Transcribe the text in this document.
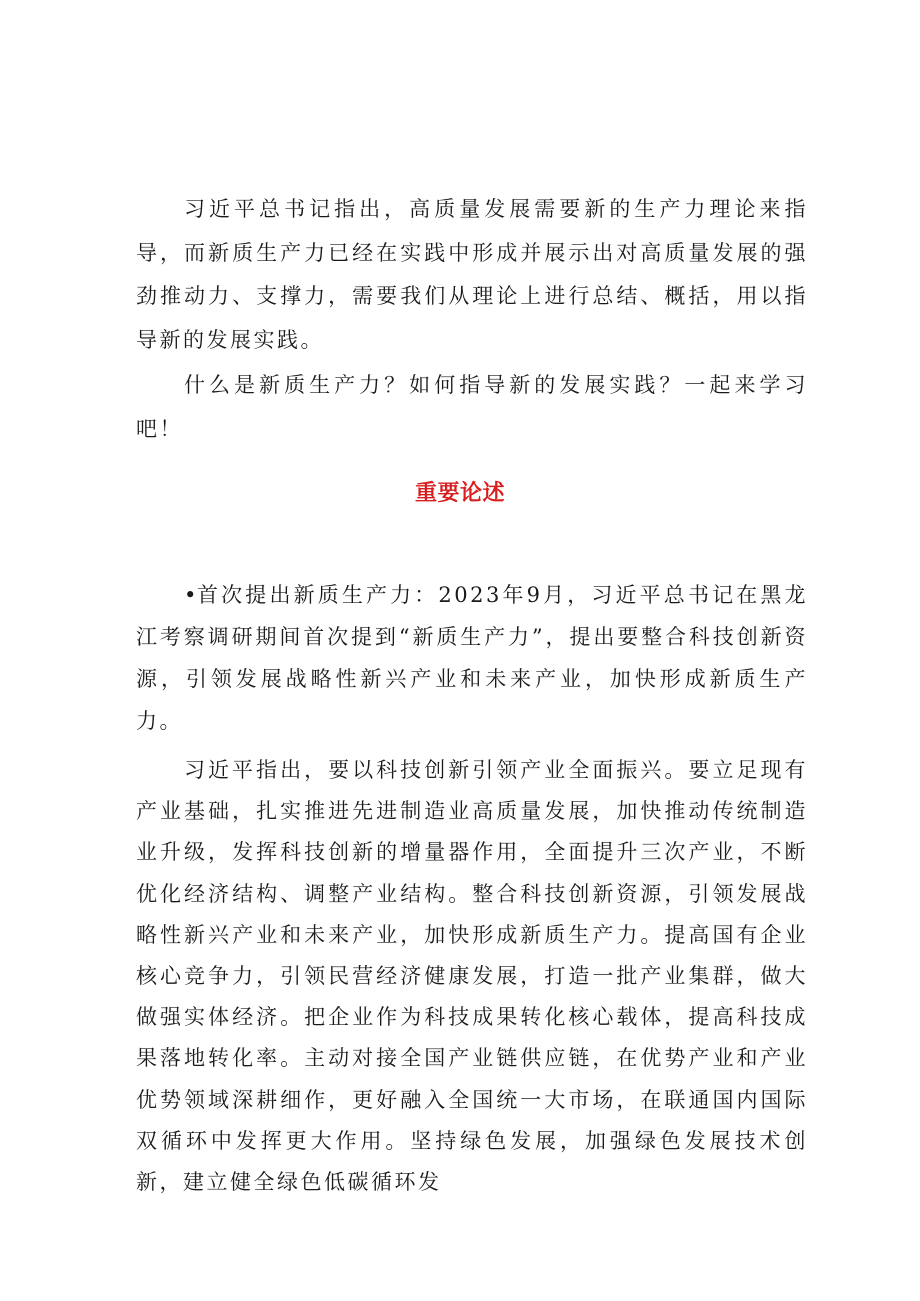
习近平总书记指出，高质量发展需要新的生产力理论来指导，而新质生产力已经在实践中形成并展示出对高质量发展的强劲推动力、支撑力，需要我们从理论上进行总结、概括，用以指导新的发展实践。

什么是新质生产力？如何指导新的发展实践？一起来学习吧！

重要论述

•首次提出新质生产力：2023年9月，习近平总书记在黑龙江考察调研期间首次提到“新质生产力”，提出要整合科技创新资源，引领发展战略性新兴产业和未来产业，加快形成新质生产力。

习近平指出，要以科技创新引领产业全面振兴。要立足现有产业基础，扎实推进先进制造业高质量发展，加快推动传统制造业升级，发挥科技创新的增量器作用，全面提升三次产业，不断优化经济结构、调整产业结构。整合科技创新资源，引领发展战略性新兴产业和未来产业，加快形成新质生产力。提高国有企业核心竞争力，引领民营经济健康发展，打造一批产业集群，做大做强实体经济。把企业作为科技成果转化核心载体，提高科技成果落地转化率。主动对接全国产业链供应链，在优势产业和产业优势领域深耕细作，更好融入全国统一大市场，在联通国内国际双循环中发挥更大作用。坚持绿色发展，加强绿色发展技术创新，建立健全绿色低碳循环发
